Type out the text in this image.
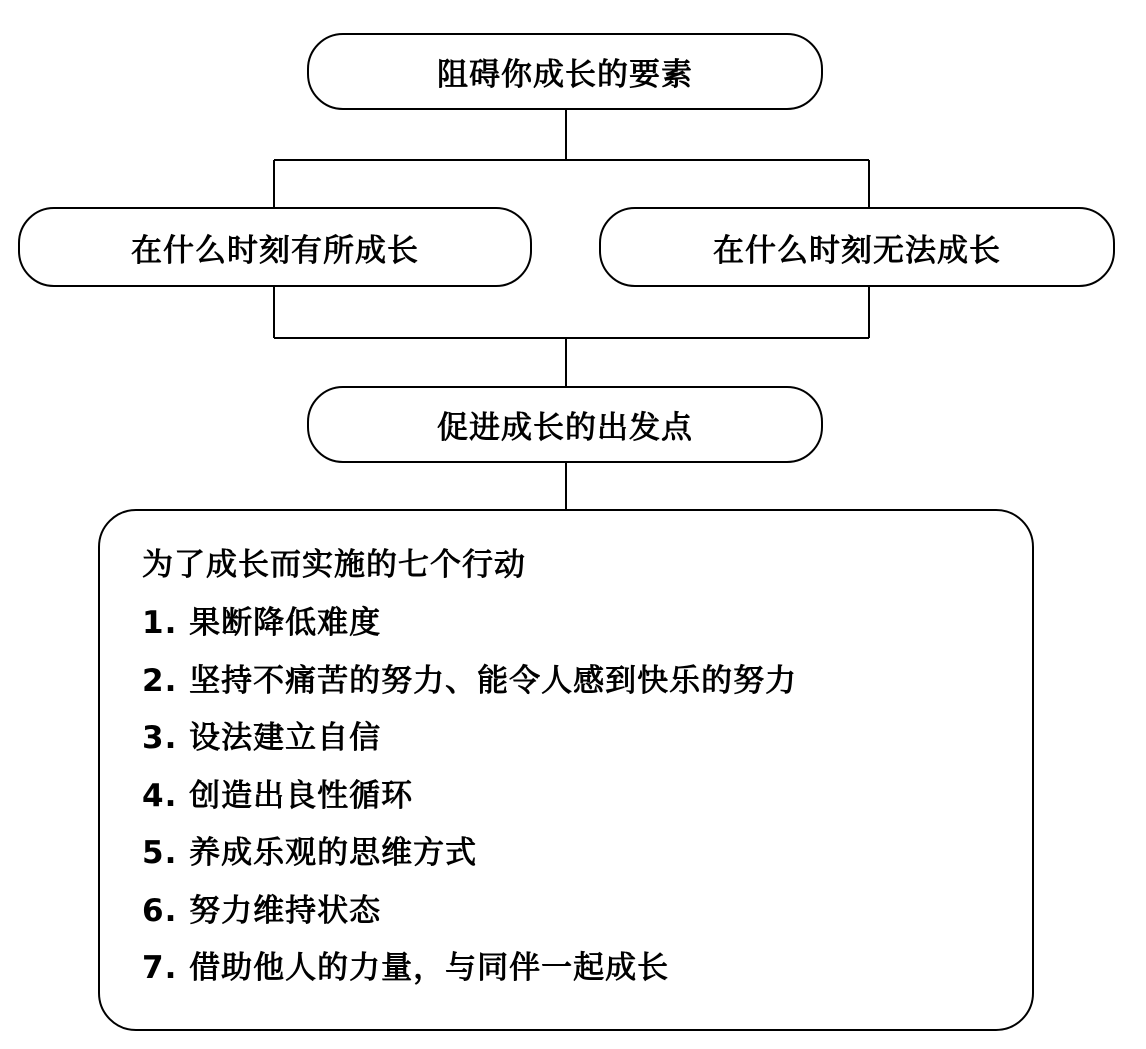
阻碍你成长的要素
在什么时刻有所成长	在什么时刻无法成长
促进成长的出发点
为了成长而实施的七个行动
1. 果断降低难度
2. 坚持不痛苦的努力、能令人感到快乐的努力
3. 设法建立自信
4. 创造出良性循环
5. 养成乐观的思维方式
6. 努力维持状态
7. 借助他人的力量，与同伴一起成长
